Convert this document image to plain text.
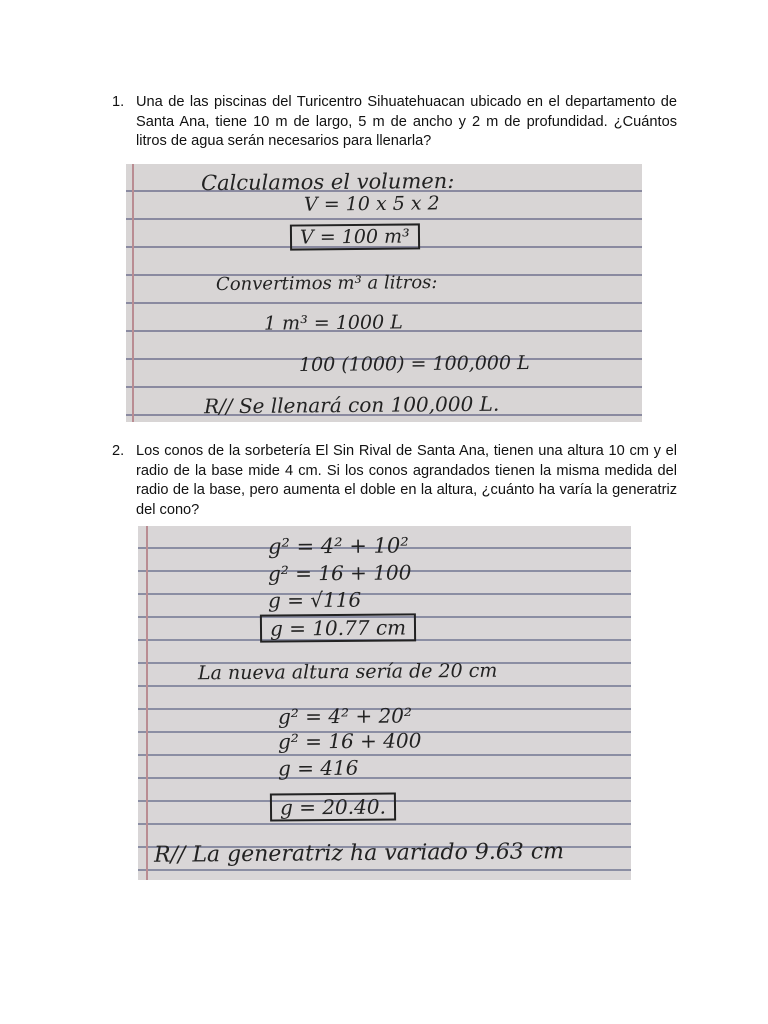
1. Una de las piscinas del Turicentro Sihuatehuacan ubicado en el departamento de Santa Ana, tiene 10 m de largo, 5 m de ancho y 2 m de profundidad. ¿Cuántos litros de agua serán necesarios para llenarla?
Calculamos el volumen:
V = 10 x 5 x 2
V = 100 m³
Convertimos m³ a litros:
1 m³ = 1000 L
100 (1000) = 100,000 L
R// Se llenará con 100,000 L.
2. Los conos de la sorbetería El Sin Rival de Santa Ana, tienen una altura 10 cm y el radio de la base mide 4 cm. Si los conos agrandados tienen la misma medida del radio de la base, pero aumenta el doble en la altura, ¿cuánto ha varía la generatriz del cono?
g² = 4² + 10²
g² = 16 + 100
g = √116
g = 10.77 cm
La nueva altura sería de 20 cm
g² = 4² + 20²
g² = 16 + 400
g = 416
g = 20.40.
R// La generatriz ha variado 9.63 cm
